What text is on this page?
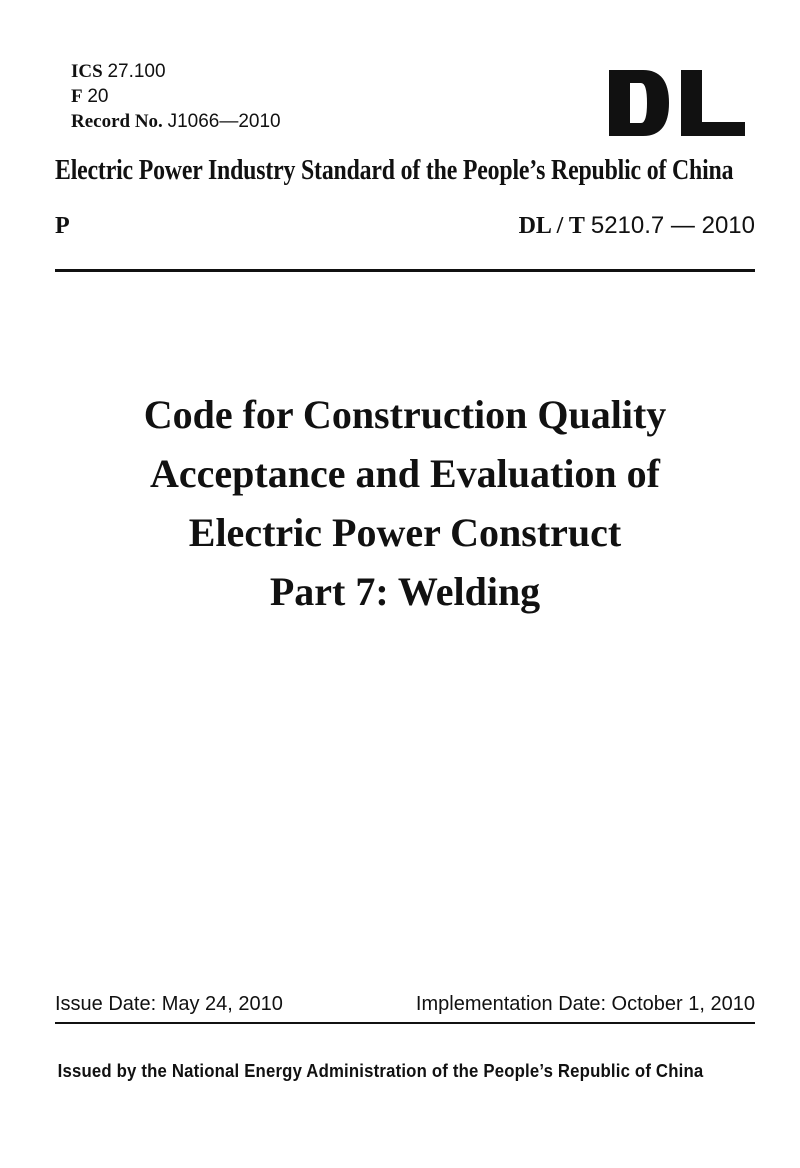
ICS 27.100
F 20
Record No. J1066—2010
Electric Power Industry Standard of the People’s Republic of China
P	DL / T 5210.7 — 2010
Code for Construction Quality
Acceptance and Evaluation of
Electric Power Construct
Part 7: Welding
Issue Date: May 24, 2010	Implementation Date: October 1, 2010
Issued by the National Energy Administration of the People’s Republic of China
